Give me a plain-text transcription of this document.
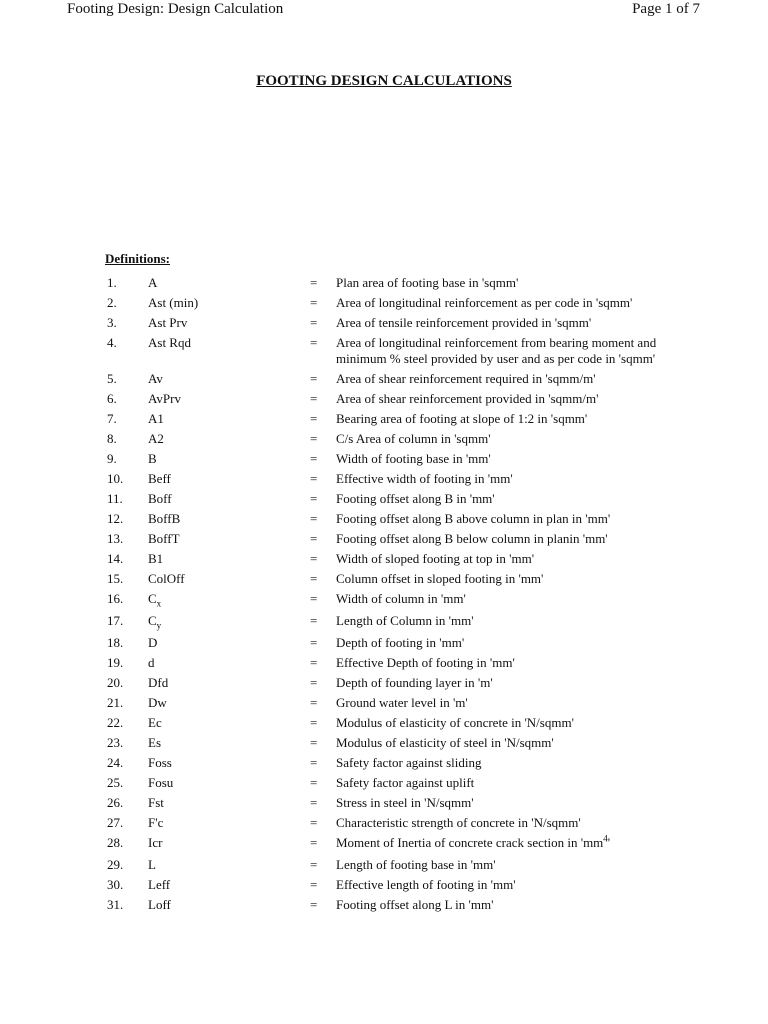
Footing Design: Design Calculation	Page 1 of 7
FOOTING DESIGN CALCULATIONS
Definitions:
1. A	= Plan area of footing base in 'sqmm'
2. Ast (min)	= Area of longitudinal reinforcement as per code in 'sqmm'
3. Ast Prv	= Area of tensile reinforcement provided in 'sqmm'
4. Ast Rqd	= Area of longitudinal reinforcement from bearing moment and minimum % steel provided by user and as per code in 'sqmm'
5. Av	= Area of shear reinforcement required in 'sqmm/m'
6. AvPrv	= Area of shear reinforcement provided in 'sqmm/m'
7. A1	= Bearing area of footing at slope of 1:2 in 'sqmm'
8. A2	= C/s Area of column in 'sqmm'
9. B	= Width of footing base in 'mm'
10. Beff	= Effective width of footing in 'mm'
11. Boff	= Footing offset along B in 'mm'
12. BoffB	= Footing offset along B above column in plan in 'mm'
13. BoffT	= Footing offset along B below column in planin 'mm'
14. B1	= Width of sloped footing at top in 'mm'
15. ColOff	= Column offset in sloped footing in 'mm'
16. $C_x$	= Width of column in 'mm'
17. $C_y$	= Length of Column in 'mm'
18. D	= Depth of footing in 'mm'
19. d	= Effective Depth of footing in 'mm'
20. Dfd	= Depth of founding layer in 'm'
21. Dw	= Ground water level in 'm'
22. Ec	= Modulus of elasticity of concrete in 'N/sqmm'
23. Es	= Modulus of elasticity of steel in 'N/sqmm'
24. Foss	= Safety factor against sliding
25. Fosu	= Safety factor against uplift
26. Fst	= Stress in steel in 'N/sqmm'
27. F'c	= Characteristic strength of concrete in 'N/sqmm'
28. Icr	= Moment of Inertia of concrete crack section in '$mm^4$'
29. L	= Length of footing base in 'mm'
30. Leff	= Effective length of footing in 'mm'
31. Loff	= Footing offset along L in 'mm'
